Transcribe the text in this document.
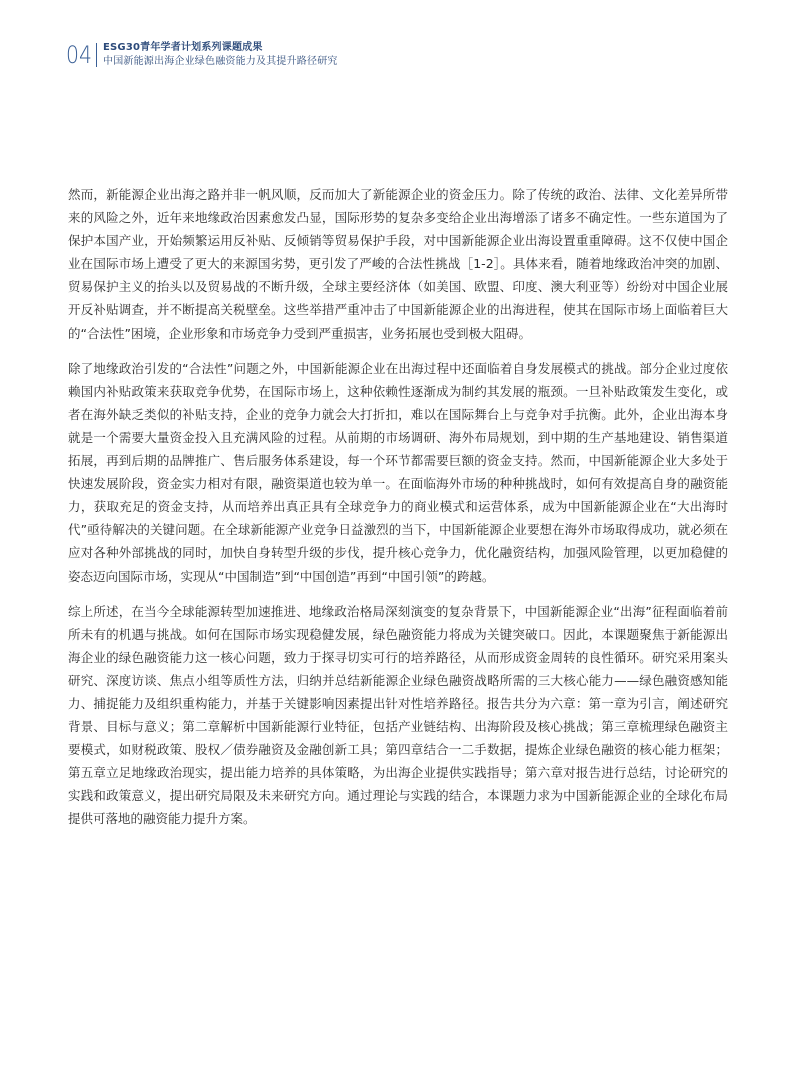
04 ESG30青年学者计划系列课题成果
中国新能源出海企业绿色融资能力及其提升路径研究

然而，新能源企业出海之路并非一帆风顺，反而加大了新能源企业的资金压力。除了传统的政治、法律、文化差异所带来的风险之外，近年来地缘政治因素愈发凸显，国际形势的复杂多变给企业出海增添了诸多不确定性。一些东道国为了保护本国产业，开始频繁运用反补贴、反倾销等贸易保护手段，对中国新能源企业出海设置重重障碍。这不仅使中国企业在国际市场上遭受了更大的来源国劣势，更引发了严峻的合法性挑战［1-2］。具体来看，随着地缘政治冲突的加剧、贸易保护主义的抬头以及贸易战的不断升级，全球主要经济体（如美国、欧盟、印度、澳大利亚等）纷纷对中国企业展开反补贴调查，并不断提高关税壁垒。这些举措严重冲击了中国新能源企业的出海进程，使其在国际市场上面临着巨大的“合法性”困境，企业形象和市场竞争力受到严重损害，业务拓展也受到极大阻碍。

除了地缘政治引发的“合法性”问题之外，中国新能源企业在出海过程中还面临着自身发展模式的挑战。部分企业过度依赖国内补贴政策来获取竞争优势，在国际市场上，这种依赖性逐渐成为制约其发展的瓶颈。一旦补贴政策发生变化，或者在海外缺乏类似的补贴支持，企业的竞争力就会大打折扣，难以在国际舞台上与竞争对手抗衡。此外，企业出海本身就是一个需要大量资金投入且充满风险的过程。从前期的市场调研、海外布局规划，到中期的生产基地建设、销售渠道拓展，再到后期的品牌推广、售后服务体系建设，每一个环节都需要巨额的资金支持。然而，中国新能源企业大多处于快速发展阶段，资金实力相对有限，融资渠道也较为单一。在面临海外市场的种种挑战时，如何有效提高自身的融资能力，获取充足的资金支持，从而培养出真正具有全球竞争力的商业模式和运营体系，成为中国新能源企业在“大出海时代”亟待解决的关键问题。在全球新能源产业竞争日益激烈的当下，中国新能源企业要想在海外市场取得成功，就必须在应对各种外部挑战的同时，加快自身转型升级的步伐，提升核心竞争力，优化融资结构，加强风险管理，以更加稳健的姿态迈向国际市场，实现从“中国制造”到“中国创造”再到“中国引领”的跨越。

综上所述，在当今全球能源转型加速推进、地缘政治格局深刻演变的复杂背景下，中国新能源企业“出海”征程面临着前所未有的机遇与挑战。如何在国际市场实现稳健发展，绿色融资能力将成为关键突破口。因此，本课题聚焦于新能源出海企业的绿色融资能力这一核心问题，致力于探寻切实可行的培养路径，从而形成资金周转的良性循环。研究采用案头研究、深度访谈、焦点小组等质性方法，归纳并总结新能源企业绿色融资战略所需的三大核心能力——绿色融资感知能力、捕捉能力及组织重构能力，并基于关键影响因素提出针对性培养路径。报告共分为六章：第一章为引言，阐述研究背景、目标与意义；第二章解析中国新能源行业特征，包括产业链结构、出海阶段及核心挑战；第三章梳理绿色融资主要模式，如财税政策、股权／债券融资及金融创新工具；第四章结合一二手数据，提炼企业绿色融资的核心能力框架；第五章立足地缘政治现实，提出能力培养的具体策略，为出海企业提供实践指导；第六章对报告进行总结，讨论研究的实践和政策意义，提出研究局限及未来研究方向。通过理论与实践的结合，本课题力求为中国新能源企业的全球化布局提供可落地的融资能力提升方案。
